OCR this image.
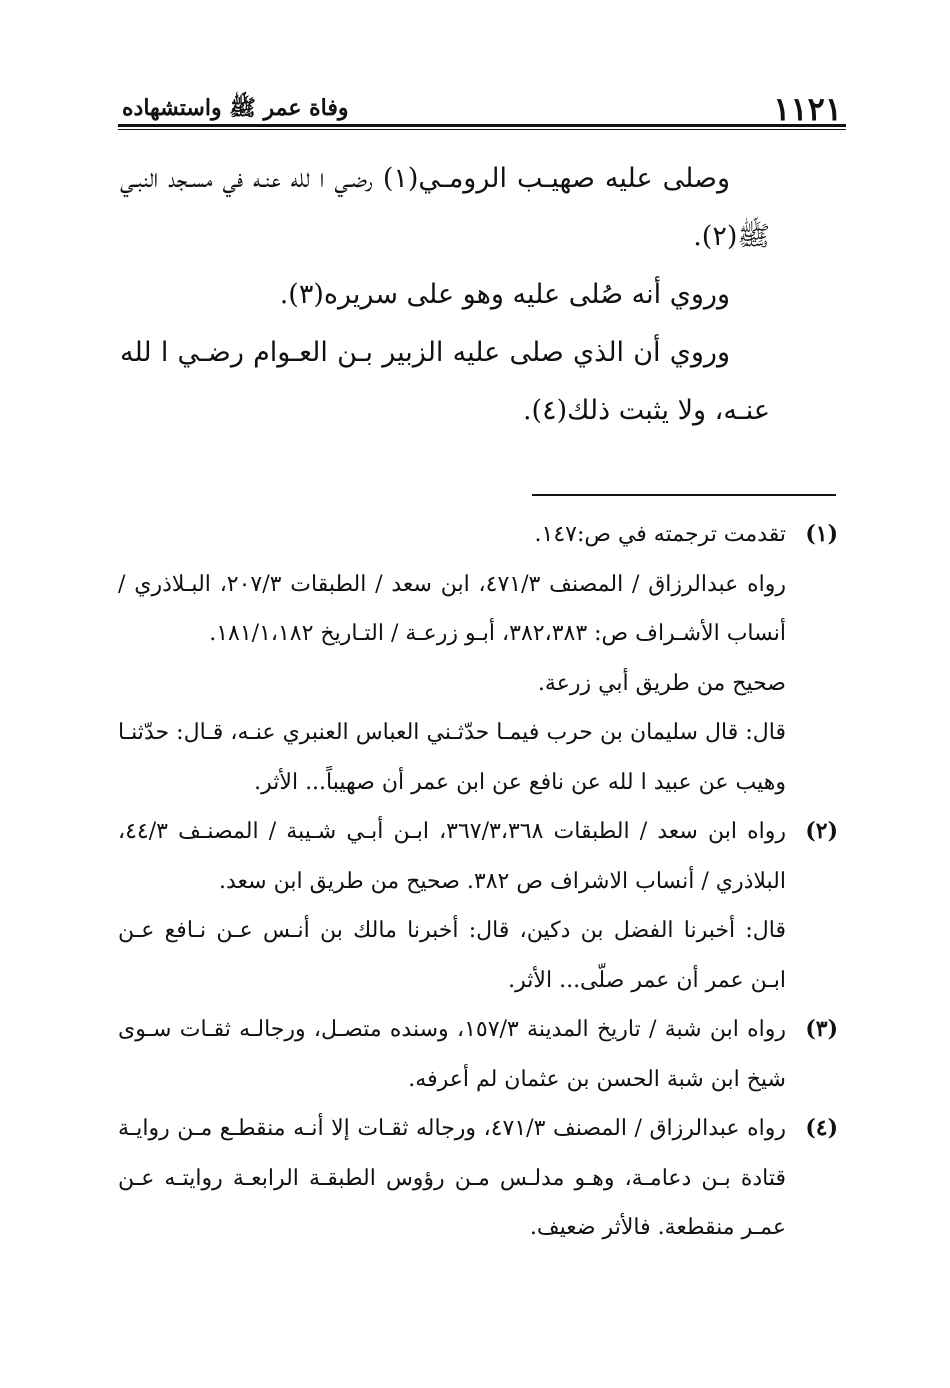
١١٢١
وفاة عمر ﷺ واستشهاده

وصلى عليه صهيـب الرومـي(١) رضـي ا لله عنـه في مسـجد النبـي ﷺ(٢).

وروي أنه صُلى عليه وهو على سريره(٣).

وروي أن الذي صلى عليه الزبير بـن العـوام رضـي ا لله عنـه، ولا يثبت ذلك(٤).

(١)
تقدمت ترجمته في ص:١٤٧.
رواه عبدالرزاق / المصنف ٤٧١/٣، ابن سعد / الطبقات ٢٠٧/٣، البـلاذري / أنساب الأشـراف ص: ٣٨٢،٣٨٣، أبـو زرعـة / التـاريخ ١٨١/١،١٨٢.
صحيح من طريق أبي زرعة.
قال: قال سليمان بن حرب فيمـا حدّثـني العباس العنبري عنـه، قـال: حدّثنـا وهيب عن عبيد ا لله عن نافع عن ابن عمر أن صهيباً... الأثر.
(٢)
رواه ابن سعد / الطبقات ٣٦٧/٣،٣٦٨، ابـن أبـي شـيبة / المصنـف ٤٤/٣، البلاذري / أنساب الاشراف ص ٣٨٢. صحيح من طريق ابن سعد.
قال: أخبرنا الفضل بن دكين، قال: أخبرنا مالك بن أنـس عـن نـافع عـن ابـن عمر أن عمر صلّى... الأثر.
(٣)
رواه ابن شبة / تاريخ المدينة ١٥٧/٣، وسنده متصـل، ورجالـه ثقـات سـوى شيخ ابن شبة الحسن بن عثمان لم أعرفه.
(٤)
رواه عبدالرزاق / المصنف ٤٧١/٣، ورجاله ثقـات إلا أنـه منقطـع مـن روايـة قتادة بـن دعامـة، وهـو مدلـس مـن رؤوس الطبقـة الرابعـة روايتـه عـن عمـر منقطعة. فالأثر ضعيف.
